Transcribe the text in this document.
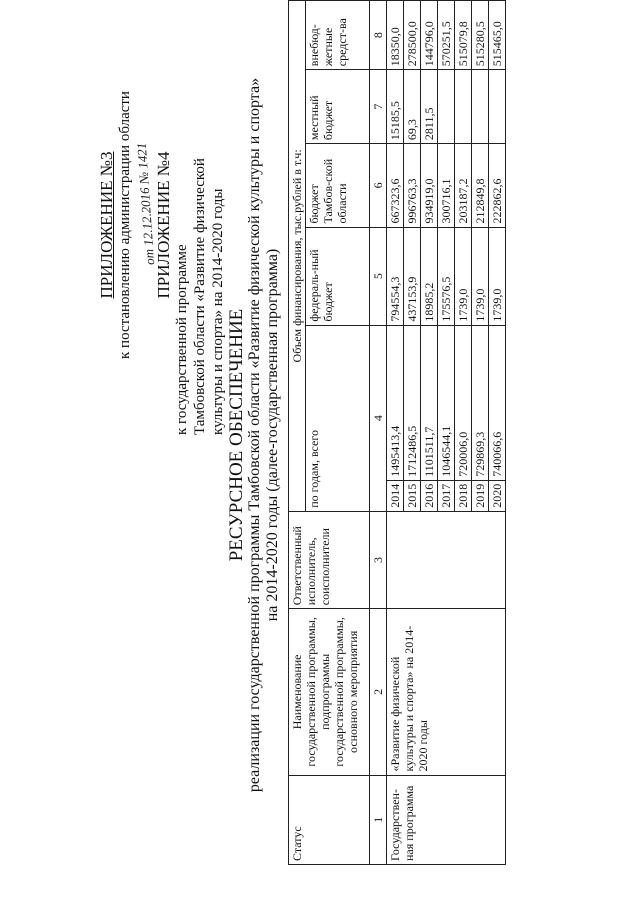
ПРИЛОЖЕНИЕ №3 к постановлению администрации области от 12.12.2016 № 1421
ПРИЛОЖЕНИЕ №4
к государственной программе Тамбовской области «Развитие физической культуры и спорта» на 2014-2020 годы РЕСУРСНОЕ ОБЕСПЕЧЕНИЕ реализации государственной программы Тамбовской области «Развитие физической культуры и спорта» на 2014-2020 годы (далее-государственная программа)
Статус	Наименование государственной программы, подпрограммы государственной программы, основного мероприятия	Ответственный исполнитель, соисполнители	Объем финансирования, тыс.рублей в т.ч:					
			по годам, всего		федераль-ный бюджет	бюджет Тамбов-ской области	местный бюджет	внебюд-жетные средст-ва
1	2	3	4		5	6	7	8
Государствен-ная программа	«Развитие физической культуры и спорта» на 2014-2020 годы		2014	1495413,4	794554,3	667323,6	15185,5	18350,0
			2015	1712486,5	437153,9	996763,3	69,3	278500,0
			2016	1101511,7	18985,2	934919,0	2811,5	144796,0
			2017	1046544,1	175576,5	300716,1		570251,5
			2018	720006,0	1739,0	203187,2		515079,8
			2019	729869,3	1739,0	212849,8		515280,5
			2020	740066,6	1739,0	222862,6		515465,0
